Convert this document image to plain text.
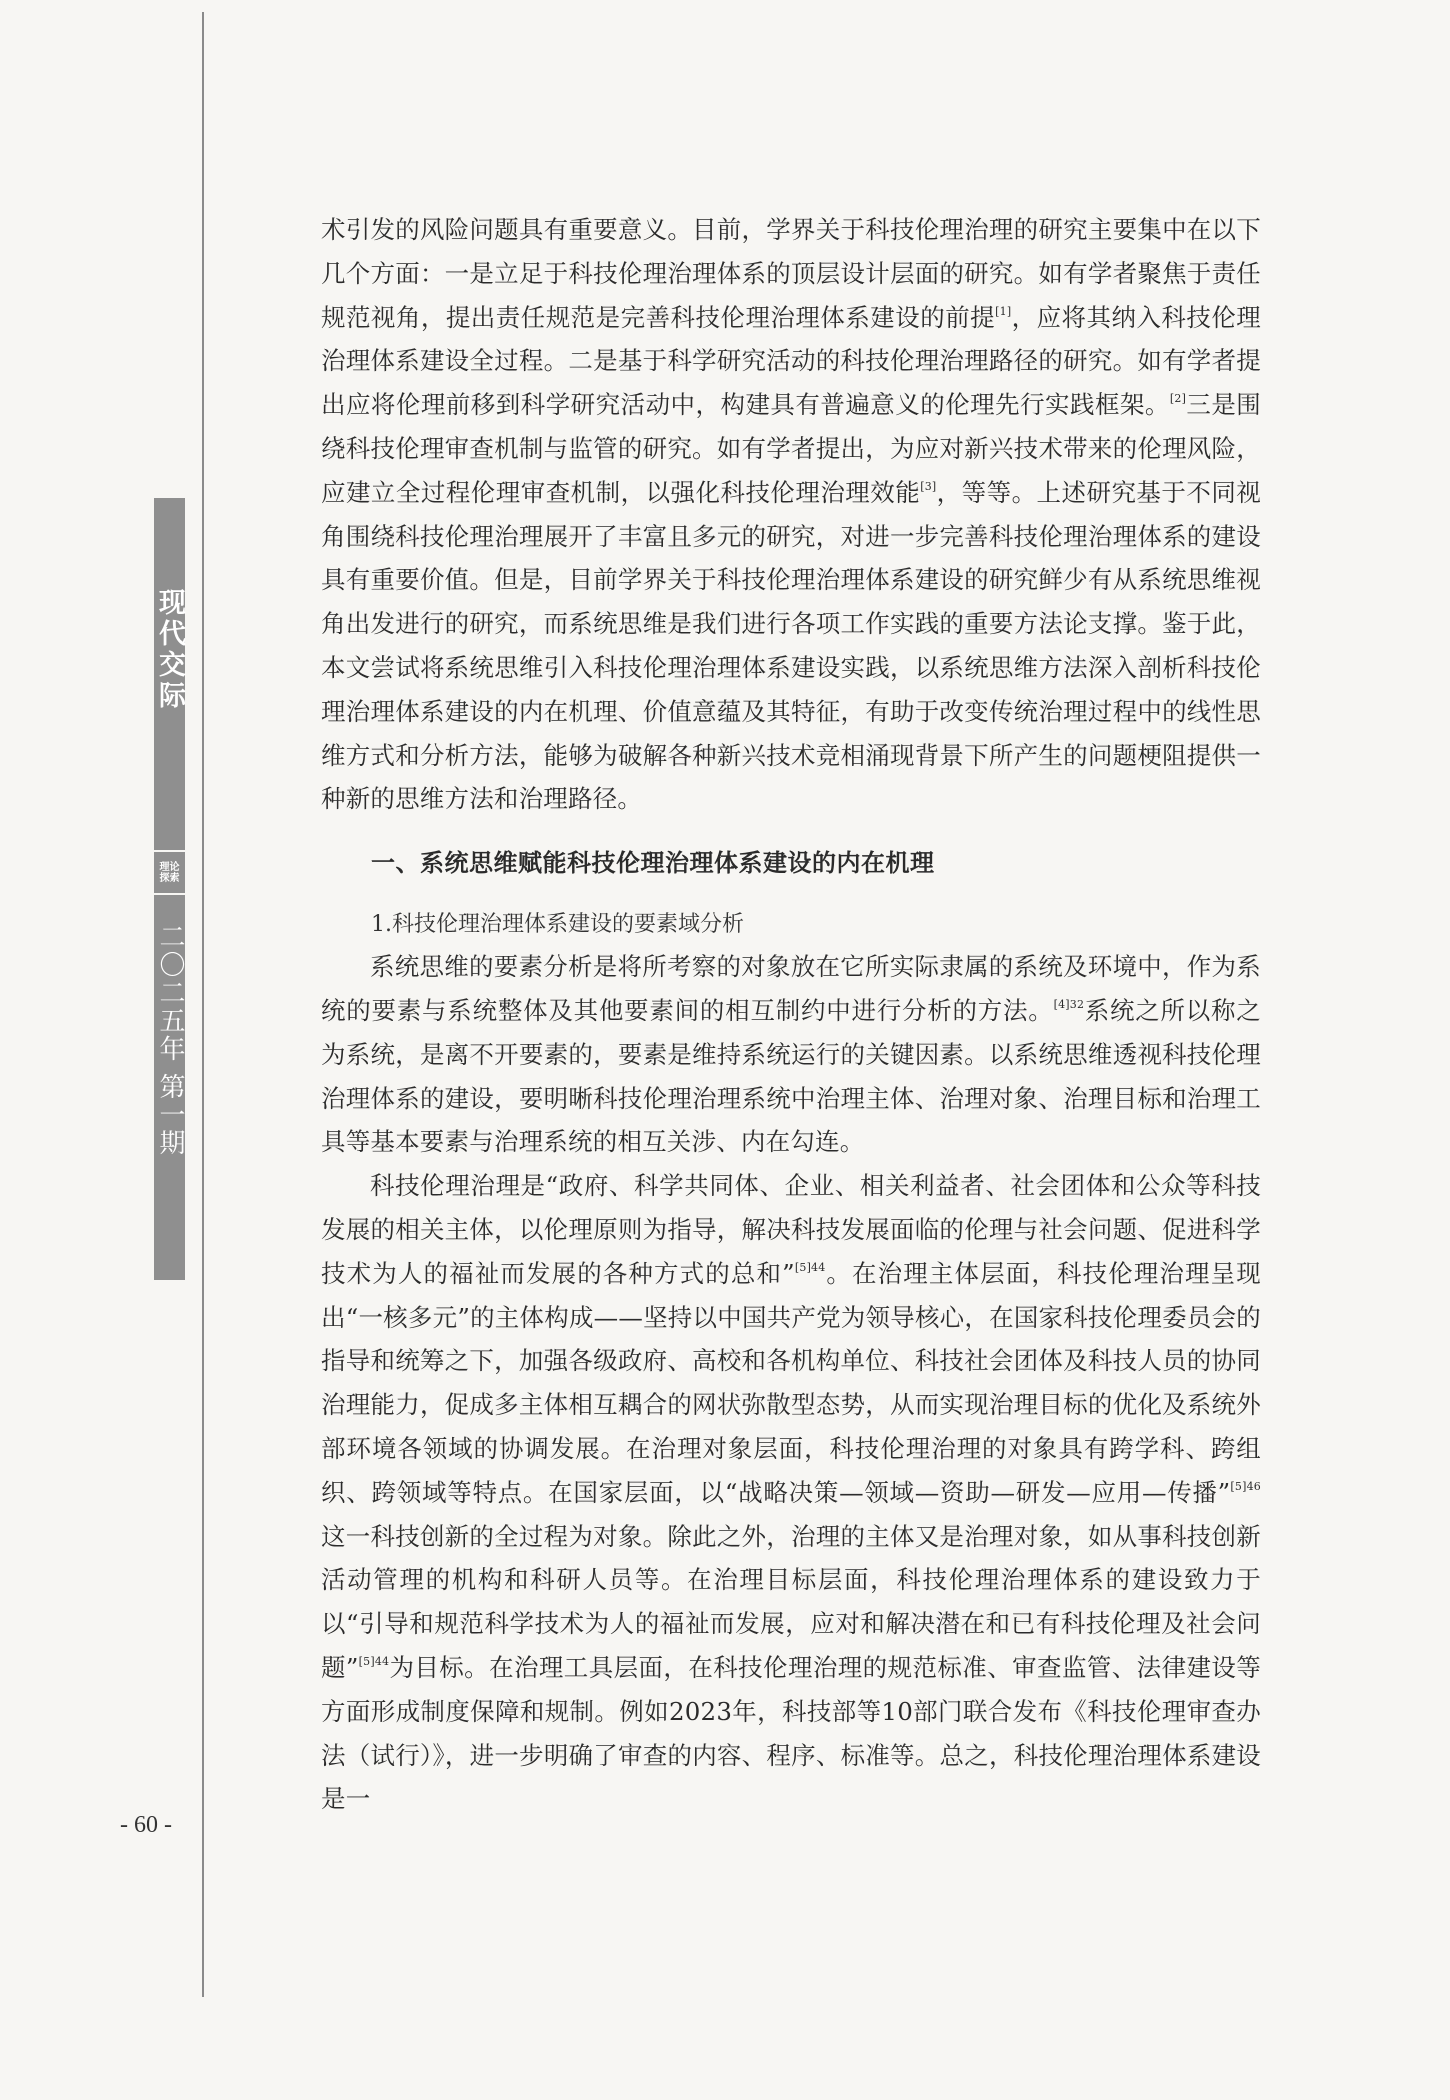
现代交际
理论探索
二〇二五年 第一期
- 60 -

术引发的风险问题具有重要意义。目前，学界关于科技伦理治理的研究主要集中在以下几个方面：一是立足于科技伦理治理体系的顶层设计层面的研究。如有学者聚焦于责任规范视角，提出责任规范是完善科技伦理治理体系建设的前提[1]，应将其纳入科技伦理治理体系建设全过程。二是基于科学研究活动的科技伦理治理路径的研究。如有学者提出应将伦理前移到科学研究活动中，构建具有普遍意义的伦理先行实践框架。[2]三是围绕科技伦理审查机制与监管的研究。如有学者提出，为应对新兴技术带来的伦理风险，应建立全过程伦理审查机制，以强化科技伦理治理效能[3]，等等。上述研究基于不同视角围绕科技伦理治理展开了丰富且多元的研究，对进一步完善科技伦理治理体系的建设具有重要价值。但是，目前学界关于科技伦理治理体系建设的研究鲜少有从系统思维视角出发进行的研究，而系统思维是我们进行各项工作实践的重要方法论支撑。鉴于此，本文尝试将系统思维引入科技伦理治理体系建设实践，以系统思维方法深入剖析科技伦理治理体系建设的内在机理、价值意蕴及其特征，有助于改变传统治理过程中的线性思维方式和分析方法，能够为破解各种新兴技术竞相涌现背景下所产生的问题梗阻提供一种新的思维方法和治理路径。

一、系统思维赋能科技伦理治理体系建设的内在机理
1.科技伦理治理体系建设的要素域分析

系统思维的要素分析是将所考察的对象放在它所实际隶属的系统及环境中，作为系统的要素与系统整体及其他要素间的相互制约中进行分析的方法。$^{[4]32}$系统之所以称之为系统，是离不开要素的，要素是维持系统运行的关键因素。以系统思维透视科技伦理治理体系的建设，要明晰科技伦理治理系统中治理主体、治理对象、治理目标和治理工具等基本要素与治理系统的相互关涉、内在勾连。

科技伦理治理是“政府、科学共同体、企业、相关利益者、社会团体和公众等科技发展的相关主体，以伦理原则为指导，解决科技发展面临的伦理与社会问题、促进科学技术为人的福祉而发展的各种方式的总和”$^{[5]44}$。在治理主体层面，科技伦理治理呈现出“一核多元”的主体构成——坚持以中国共产党为领导核心，在国家科技伦理委员会的指导和统筹之下，加强各级政府、高校和各机构单位、科技社会团体及科技人员的协同治理能力，促成多主体相互耦合的网状弥散型态势，从而实现治理目标的优化及系统外部环境各领域的协调发展。在治理对象层面，科技伦理治理的对象具有跨学科、跨组织、跨领域等特点。在国家层面，以“战略决策—领域—资助—研发—应用—传播”$^{[5]46}$这一科技创新的全过程为对象。除此之外，治理的主体又是治理对象，如从事科技创新活动管理的机构和科研人员等。在治理目标层面，科技伦理治理体系的建设致力于以“引导和规范科学技术为人的福祉而发展，应对和解决潜在和已有科技伦理及社会问题”$^{[5]44}$为目标。在治理工具层面，在科技伦理治理的规范标准、审查监管、法律建设等方面形成制度保障和规制。例如2023年，科技部等10部门联合发布《科技伦理审查办法（试行）》，进一步明确了审查的内容、程序、标准等。总之，科技伦理治理体系建设是一
